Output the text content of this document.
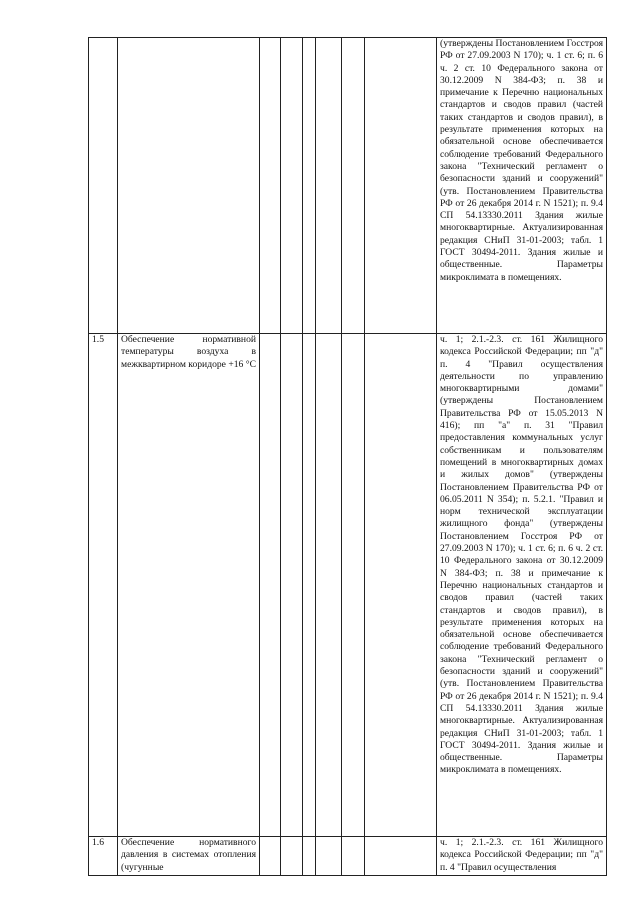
								(утверждены Постановлением Госстроя РФ от 27.09.2003 N 170); ч. 1 ст. 6; п. 6 ч. 2 ст. 10 Федерального закона от 30.12.2009 N 384-ФЗ; п. 38 и примечание к Перечню национальных стандартов и сводов правил (частей таких стандартов и сводов правил), в результате применения которых на обязательной основе обеспечивается соблюдение требований Федерального закона "Технический регламент о безопасности зданий и сооружений" (утв. Постановлением Правительства РФ от 26 декабря 2014 г. N 1521); п. 9.4 СП 54.13330.2011 Здания жилые многоквартирные. Актуализированная редакция СНиП 31-01-2003; табл. 1 ГОСТ 30494-2011. Здания жилые и общественные. Параметры микроклимата в помещениях.
1.5	Обеспечение нормативной температуры воздуха в межквартирном коридоре +16 °С							ч. 1; 2.1.-2.3. ст. 161 Жилищного кодекса Российской Федерации; пп "д" п. 4 "Правил осуществления деятельности по управлению многоквартирными домами" (утверждены Постановлением Правительства РФ от 15.05.2013 N 416); пп "а" п. 31 "Правил предоставления коммунальных услуг собственникам и пользователям помещений в многоквартирных домах и жилых домов" (утверждены Постановлением Правительства РФ от 06.05.2011 N 354); п. 5.2.1. "Правил и норм технической эксплуатации жилищного фонда" (утверждены Постановлением Госстроя РФ от 27.09.2003 N 170); ч. 1 ст. 6; п. 6 ч. 2 ст. 10 Федерального закона от 30.12.2009 N 384-ФЗ; п. 38 и примечание к Перечню национальных стандартов и сводов правил (частей таких стандартов и сводов правил), в результате применения которых на обязательной основе обеспечивается соблюдение требований Федерального закона "Технический регламент о безопасности зданий и сооружений" (утв. Постановлением Правительства РФ от 26 декабря 2014 г. N 1521); п. 9.4 СП 54.13330.2011 Здания жилые многоквартирные. Актуализированная редакция СНиП 31-01-2003; табл. 1 ГОСТ 30494-2011. Здания жилые и общественные. Параметры микроклимата в помещениях.
1.6	Обеспечение нормативного давления в системах отопления (чугунные							ч. 1; 2.1.-2.3. ст. 161 Жилищного кодекса Российской Федерации; пп "д" п. 4 "Правил осуществления
